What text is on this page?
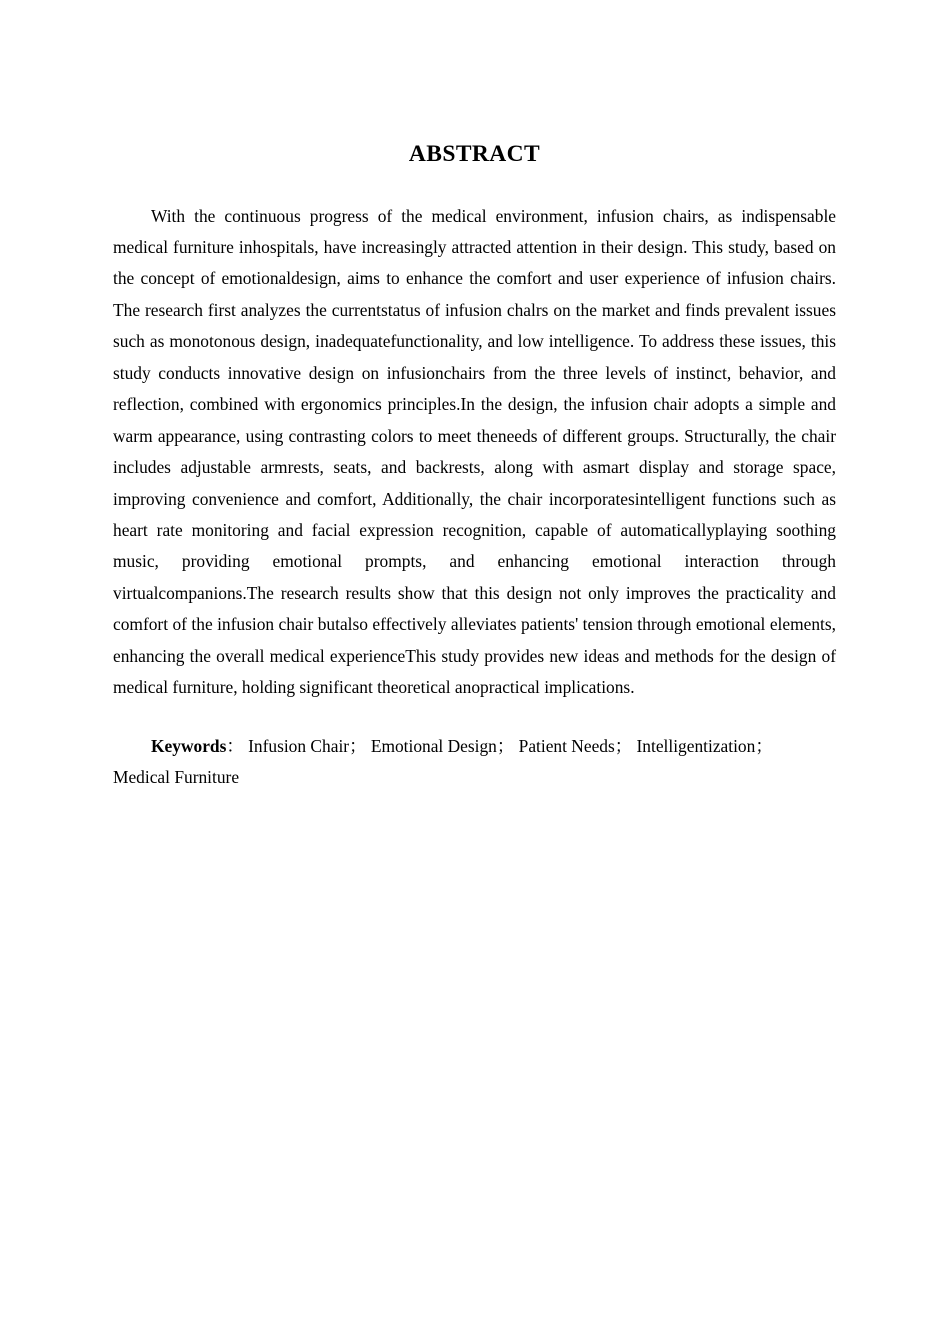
ABSTRACT

With the continuous progress of the medical environment, infusion chairs, as indispensable medical furniture inhospitals, have increasingly attracted attention in their design. This study, based on the concept of emotionaldesign, aims to enhance the comfort and user experience of infusion chairs. The research first analyzes the currentstatus of infusion chalrs on the market and finds prevalent issues such as monotonous design, inadequatefunctionality, and low intelligence. To address these issues, this study conducts innovative design on infusionchairs from the three levels of instinct, behavior, and reflection, combined with ergonomics principles.In the design, the infusion chair adopts a simple and warm appearance, using contrasting colors to meet theneeds of different groups. Structurally, the chair includes adjustable armrests, seats, and backrests, along with asmart display and storage space, improving convenience and comfort, Additionally, the chair incorporatesintelligent functions such as heart rate monitoring and facial expression recognition, capable of automaticallyplaying soothing music, providing emotional prompts, and enhancing emotional interaction through virtualcompanions.The research results show that this design not only improves the practicality and comfort of the infusion chair butalso effectively alleviates patients' tension through emotional elements, enhancing the overall medical experienceThis study provides new ideas and methods for the design of medical furniture, holding significant theoretical anopractical implications.

Keywords： Infusion Chair； Emotional Design； Patient Needs； Intelligentization； Medical Furniture
